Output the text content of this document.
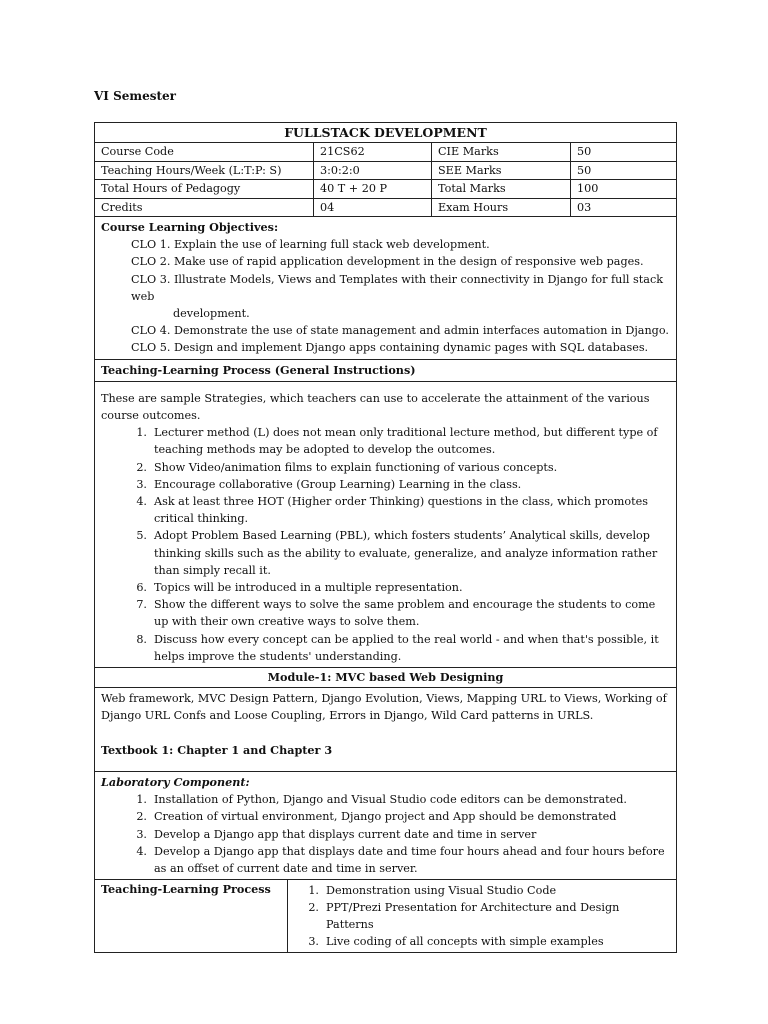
VI Semester
FULLSTACK DEVELOPMENT
Course Code	21CS62	CIE Marks	50
Teaching Hours/Week (L:T:P: S)	3:0:2:0	SEE Marks	50
Total Hours of Pedagogy	40 T + 20 P	Total Marks	100
Credits	04	Exam Hours	03
Course Learning Objectives:
CLO 1. Explain the use of learning full stack web development.
CLO 2. Make use of rapid application development in the design of responsive web pages.
CLO 3. Illustrate Models, Views and Templates with their connectivity in Django for full stack web
development.
CLO 4. Demonstrate the use of state management and admin interfaces automation in Django.
CLO 5. Design and implement Django apps containing dynamic pages with SQL databases.
Teaching-Learning Process (General Instructions)
These are sample Strategies, which teachers can use to accelerate the attainment of the various course outcomes.
1. Lecturer method (L) does not mean only traditional lecture method, but different type of teaching methods may be adopted to develop the outcomes.
2. Show Video/animation films to explain functioning of various concepts.
3. Encourage collaborative (Group Learning) Learning in the class.
4. Ask at least three HOT (Higher order Thinking) questions in the class, which promotes critical thinking.
5. Adopt Problem Based Learning (PBL), which fosters students’ Analytical skills, develop thinking skills such as the ability to evaluate, generalize, and analyze information rather than simply recall it.
6. Topics will be introduced in a multiple representation.
7. Show the different ways to solve the same problem and encourage the students to come up with their own creative ways to solve them.
8. Discuss how every concept can be applied to the real world - and when that's possible, it helps improve the students' understanding.
Module-1: MVC based Web Designing
Web framework, MVC Design Pattern, Django Evolution, Views, Mapping URL to Views, Working of Django URL Confs and Loose Coupling, Errors in Django, Wild Card patterns in URLS.
Textbook 1: Chapter 1 and Chapter 3
Laboratory Component:
1. Installation of Python, Django and Visual Studio code editors can be demonstrated.
2. Creation of virtual environment, Django project and App should be demonstrated
3. Develop a Django app that displays current date and time in server
4. Develop a Django app that displays date and time four hours ahead and four hours before as an offset of current date and time in server.
Teaching-Learning Process	1. Demonstration using Visual Studio Code
2. PPT/Prezi Presentation for Architecture and Design Patterns
3. Live coding of all concepts with simple examples
